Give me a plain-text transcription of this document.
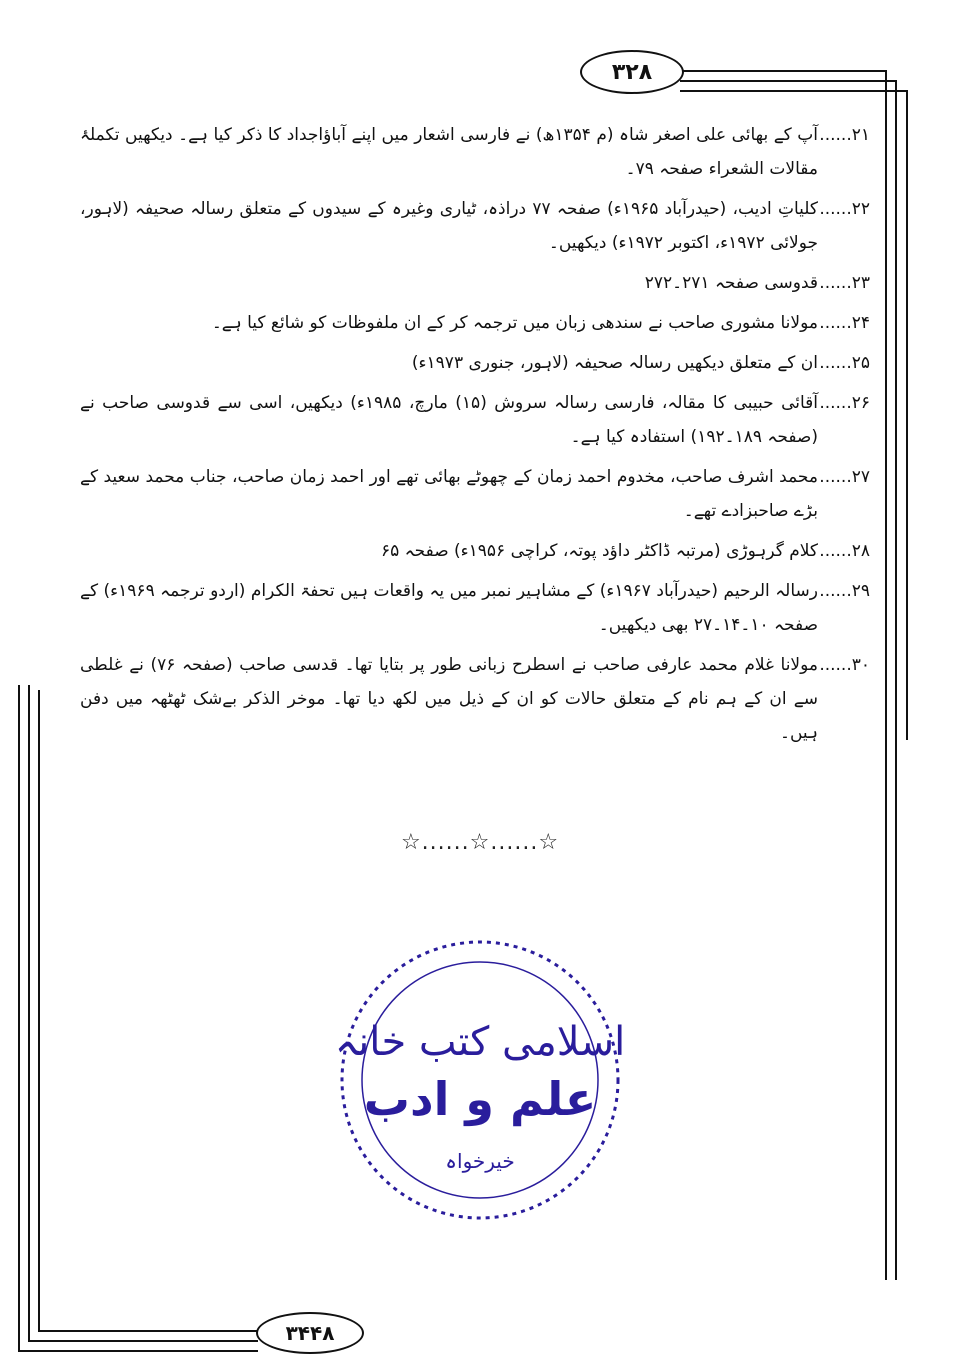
۳۲۸

۲۱......آپ کے بھائی علی اصغر شاہ (م ۱۳۵۴ھ) نے فارسی اشعار میں اپنے آباؤاجداد کا ذکر کیا ہے۔ دیکھیں تکملۂ مقالات الشعراء صفحہ ۷۹۔

۲۲......کلیاتِ ادیب، (حیدرآباد ۱۹۶۵ء) صفحہ ۷۷ دراذہ، ٹیاری وغیرہ کے سیدوں کے متعلق رسالہ صحیفہ (لاہور، جولائی ۱۹۷۲ء، اکتوبر ۱۹۷۲ء) دیکھیں۔

۲۳......قدوسی صفحہ ۲۷۱۔۲۷۲

۲۴......مولانا مشوری صاحب نے سندھی زبان میں ترجمہ کر کے ان ملفوظات کو شائع کیا ہے۔

۲۵......ان کے متعلق دیکھیں رسالہ صحیفہ (لاہور، جنوری ۱۹۷۳ء)

۲۶......آقائی حبیبی کا مقالہ، فارسی رسالہ سروش (۱۵) مارچ، ۱۹۸۵ء) دیکھیں، اسی سے قدوسی صاحب نے (صفحہ ۱۸۹۔۱۹۲) استفادہ کیا ہے۔

۲۷......محمد اشرف صاحب، مخدوم احمد زمان کے چھوٹے بھائی تھے اور احمد زمان صاحب، جناب محمد سعید کے بڑے صاحبزادے تھے۔

۲۸......کلام گرہوڑی (مرتبہ ڈاکٹر داؤد پوتہ، کراچی ۱۹۵۶ء) صفحہ ۶۵

۲۹......رسالہ الرحیم (حیدرآباد ۱۹۶۷ء) کے مشاہیر نمبر میں یہ واقعات ہیں تحفۃ الکرام (اردو ترجمہ ۱۹۶۹ء) کے صفحہ ۱۰۔۱۴۔۲۷ بھی دیکھیں۔

۳۰......مولانا غلام محمد عارفی صاحب نے اسطرح زبانی طور پر بتایا تھا۔ قدسی صاحب (صفحہ ۷۶) نے غلطی سے ان کے ہم نام کے متعلق حالات کو ان کے ذیل میں لکھ دیا تھا۔ موخر الذکر بےشک ٹھٹھہ میں دفن ہیں۔

☆......☆......☆
اسلامی کتب خانہ
علم و ادب
خیرخواہ
۳۴۴۸
